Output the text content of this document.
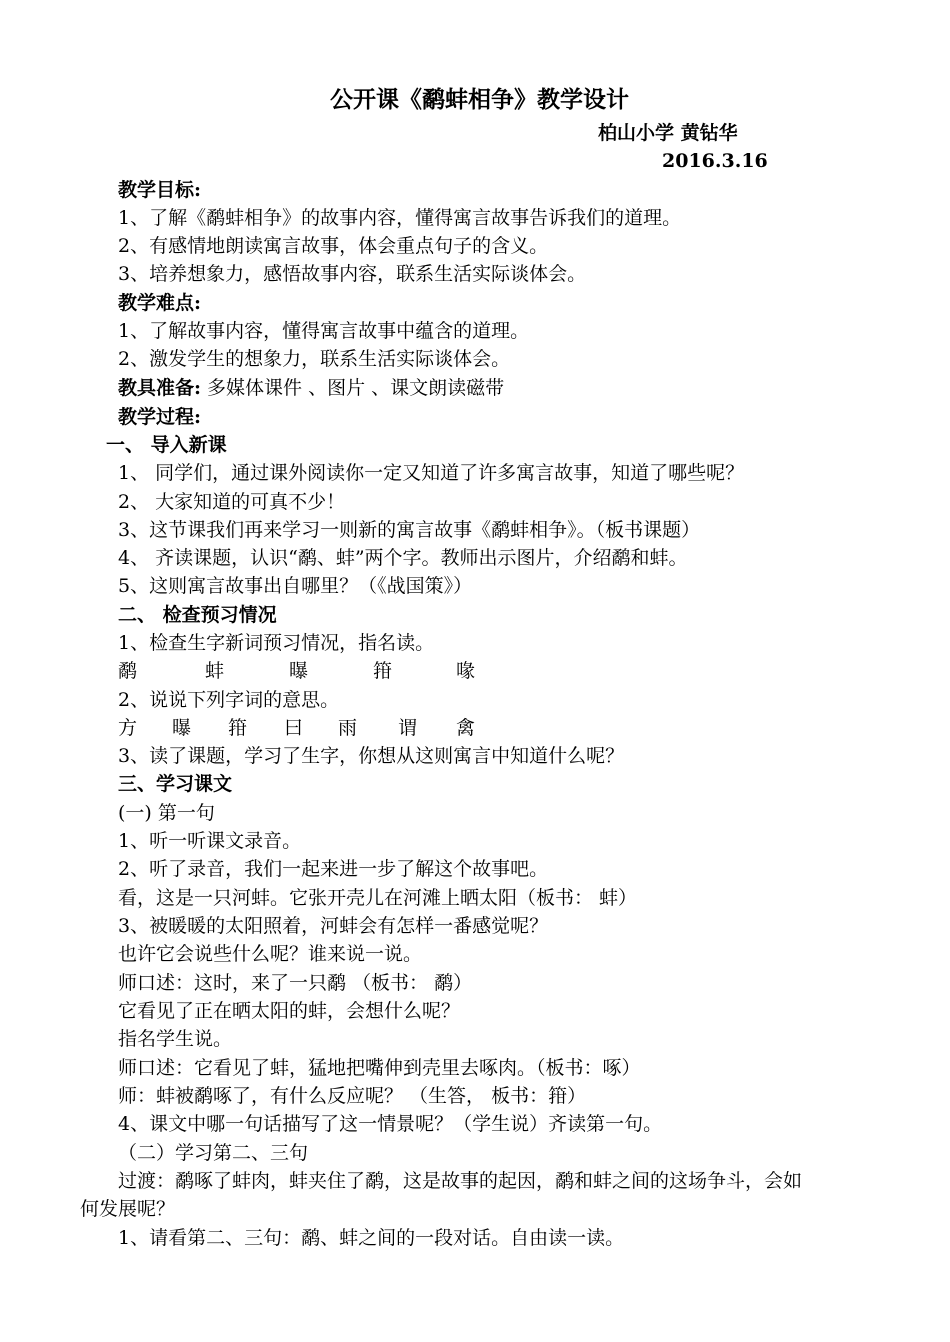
公开课《鹬蚌相争》教学设计
柏山小学 黄钻华
2016.3.16
教学目标:
1、了解《鹬蚌相争》的故事内容，懂得寓言故事告诉我们的道理。
2、有感情地朗读寓言故事，体会重点句子的含义。
3、培养想象力，感悟故事内容，联系生活实际谈体会。
教学难点:
1、了解故事内容，懂得寓言故事中蕴含的道理。
2、激发学生的想象力，联系生活实际谈体会。
教具准备: 多媒体课件 、图片 、课文朗读磁带
教学过程:
一、 导入新课
1、 同学们，通过课外阅读你一定又知道了许多寓言故事，知道了哪些呢？
2、 大家知道的可真不少！
3、这节课我们再来学习一则新的寓言故事《鹬蚌相争》。（板书课题）
4、 齐读课题，认识“鹬、蚌”两个字。教师出示图片，介绍鹬和蚌。
5、这则寓言故事出自哪里？（《战国策》）
二、 检查预习情况
1、检查生字新词预习情况，指名读。
鹬	蚌	曝	箝	喙
2、说说下列字词的意思。
方 曝 箝 曰 雨 谓 禽
3、读了课题，学习了生字，你想从这则寓言中知道什么呢？
三、学习课文
(一) 第一句
1、听一听课文录音。
2、听了录音，我们一起来进一步了解这个故事吧。
看，这是一只河蚌。它张开壳儿在河滩上晒太阳（板书： 蚌）
3、被暖暖的太阳照着，河蚌会有怎样一番感觉呢？
也许它会说些什么呢？谁来说一说。
师口述：这时，来了一只鹬 （板书： 鹬）
它看见了正在晒太阳的蚌，会想什么呢？
指名学生说。
师口述：它看见了蚌，猛地把嘴伸到壳里去啄肉。（板书：啄）
师：蚌被鹬啄了，有什么反应呢？ （生答， 板书：箝）
4、课文中哪一句话描写了这一情景呢？（学生说）齐读第一句。
（二）学习第二、三句
过渡：鹬啄了蚌肉，蚌夹住了鹬，这是故事的起因，鹬和蚌之间的这场争斗，会如
何发展呢？
1、请看第二、三句：鹬、蚌之间的一段对话。自由读一读。
